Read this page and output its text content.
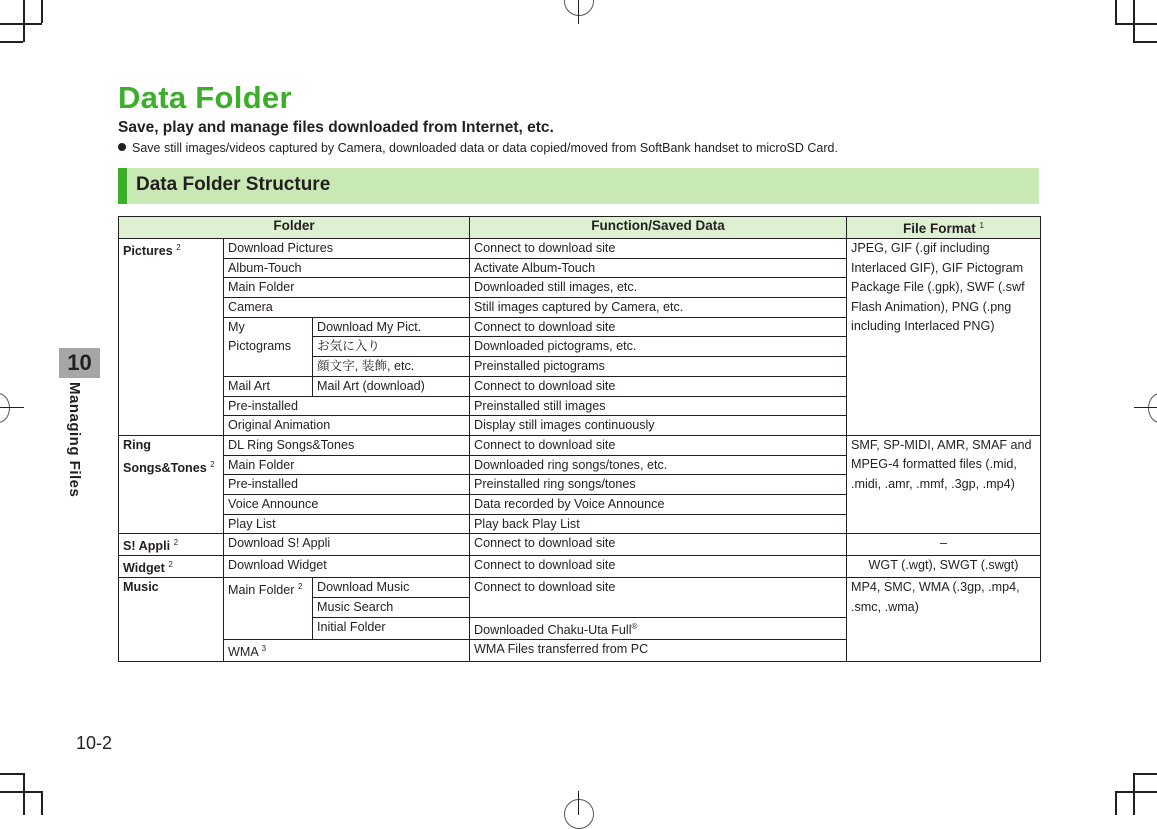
10
Managing Files
Data Folder
Save, play and manage files downloaded from Internet, etc.
Save still images/videos captured by Camera, downloaded data or data copied/moved from SoftBank handset to microSD Card.
Data Folder Structure
Folder			Function/Saved Data	File Format $^1$
Pictures $^2$	Download Pictures		Connect to download site	JPEG, GIF (.gif including Interlaced GIF), GIF Pictogram Package File (.gpk), SWF (.swf Flash Animation), PNG (.png including Interlaced PNG)
	Album-Touch		Activate Album-Touch	
	Main Folder		Downloaded still images, etc.	
	Camera		Still images captured by Camera, etc.	
	My Pictograms	Download My Pict.	Connect to download site	
		お気に入り	Downloaded pictograms, etc.	
		顔文字, 装飾, etc.	Preinstalled pictograms	
	Mail Art	Mail Art (download)	Connect to download site	
	Pre-installed		Preinstalled still images	
	Original Animation		Display still images continuously	
Ring
Songs&Tones $^2$	DL Ring Songs&Tones		Connect to download site	SMF, SP-MIDI, AMR, SMAF and MPEG-4 formatted files (.mid, .midi, .amr, .mmf, .3gp, .mp4)
	Main Folder		Downloaded ring songs/tones, etc.	
	Pre-installed		Preinstalled ring songs/tones	
	Voice Announce		Data recorded by Voice Announce	
	Play List		Play back Play List	
S! Appli $^2$	Download S! Appli		Connect to download site	–
Widget $^2$	Download Widget		Connect to download site	WGT (.wgt), SWGT (.swgt)
Music	Main Folder $^2$	Download Music	Connect to download site	MP4, SMC, WMA (.3gp, .mp4, .smc, .wma)
		Music Search		
		Initial Folder	Downloaded Chaku-Uta Full®
	WMA $^3$		WMA Files transferred from PC	
10-2
